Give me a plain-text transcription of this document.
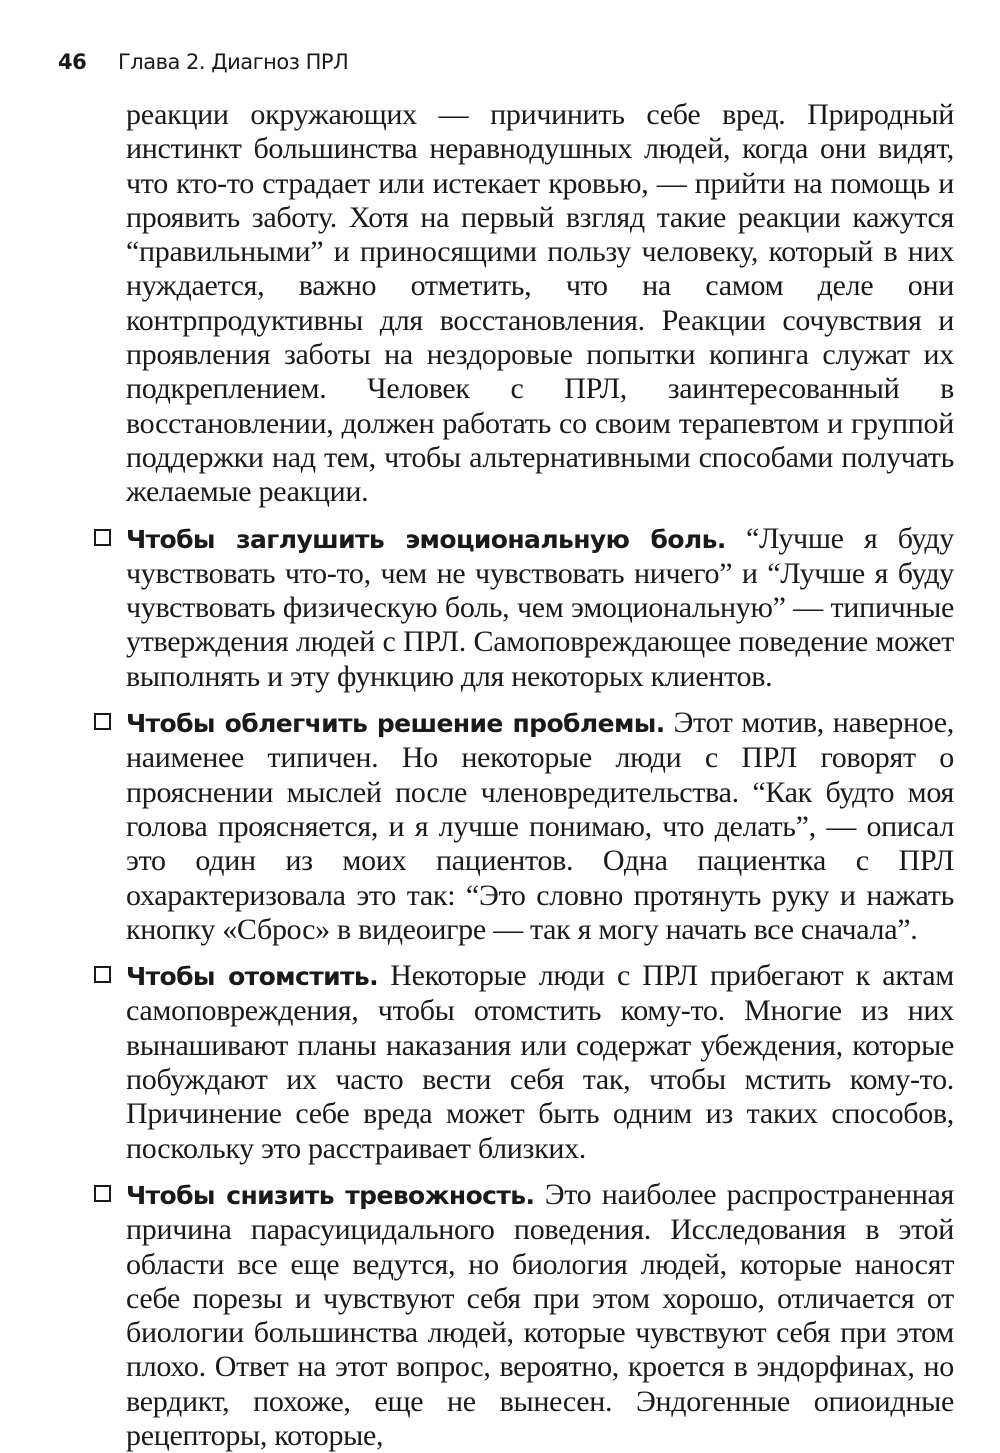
46 Глава 2. Диагноз ПРЛ

реакции окружающих — причинить себе вред. Природный инстинкт большинства неравнодушных людей, когда они видят, что кто-то страдает или истекает кровью, — прийти на помощь и проявить заботу. Хотя на первый взгляд такие реакции кажутся “правильными” и приносящими пользу человеку, который в них нуждается, важно отметить, что на самом деле они контрпродуктивны для восстановления. Реакции сочувствия и проявления заботы на нездоровые попытки копинга служат их подкреплением. Человек с ПРЛ, заинтересованный в восстановлении, должен работать со своим терапевтом и группой поддержки над тем, чтобы альтернативными способами получать желаемые реакции.

Чтобы заглушить эмоциональную боль. “Лучше я буду чувствовать что-то, чем не чувствовать ничего” и “Лучше я буду чувствовать физическую боль, чем эмоциональную” — типичные утверждения людей с ПРЛ. Самоповреждающее поведение может выполнять и эту функцию для некоторых клиентов.

Чтобы облегчить решение проблемы. Этот мотив, наверное, наименее типичен. Но некоторые люди с ПРЛ говорят о прояснении мыслей после членовредительства. “Как будто моя голова проясняется, и я лучше понимаю, что делать”, — описал это один из моих пациентов. Одна пациентка с ПРЛ охарактеризовала это так: “Это словно протянуть руку и нажать кнопку «Сброс» в видеоигре — так я могу начать все сначала”.

Чтобы отомстить. Некоторые люди с ПРЛ прибегают к актам самоповреждения, чтобы отомстить кому-то. Многие из них вынашивают планы наказания или содержат убеждения, которые побуждают их часто вести себя так, чтобы мстить кому-то. Причинение себе вреда может быть одним из таких способов, поскольку это расстраивает близких.

Чтобы снизить тревожность. Это наиболее распространенная причина парасуицидального поведения. Исследования в этой области все еще ведутся, но биология людей, которые наносят себе порезы и чувствуют себя при этом хорошо, отличается от биологии большинства людей, которые чувствуют себя при этом плохо. Ответ на этот вопрос, вероятно, кроется в эндорфинах, но вердикт, похоже, еще не вынесен. Эндогенные опиоидные рецепторы, которые,
